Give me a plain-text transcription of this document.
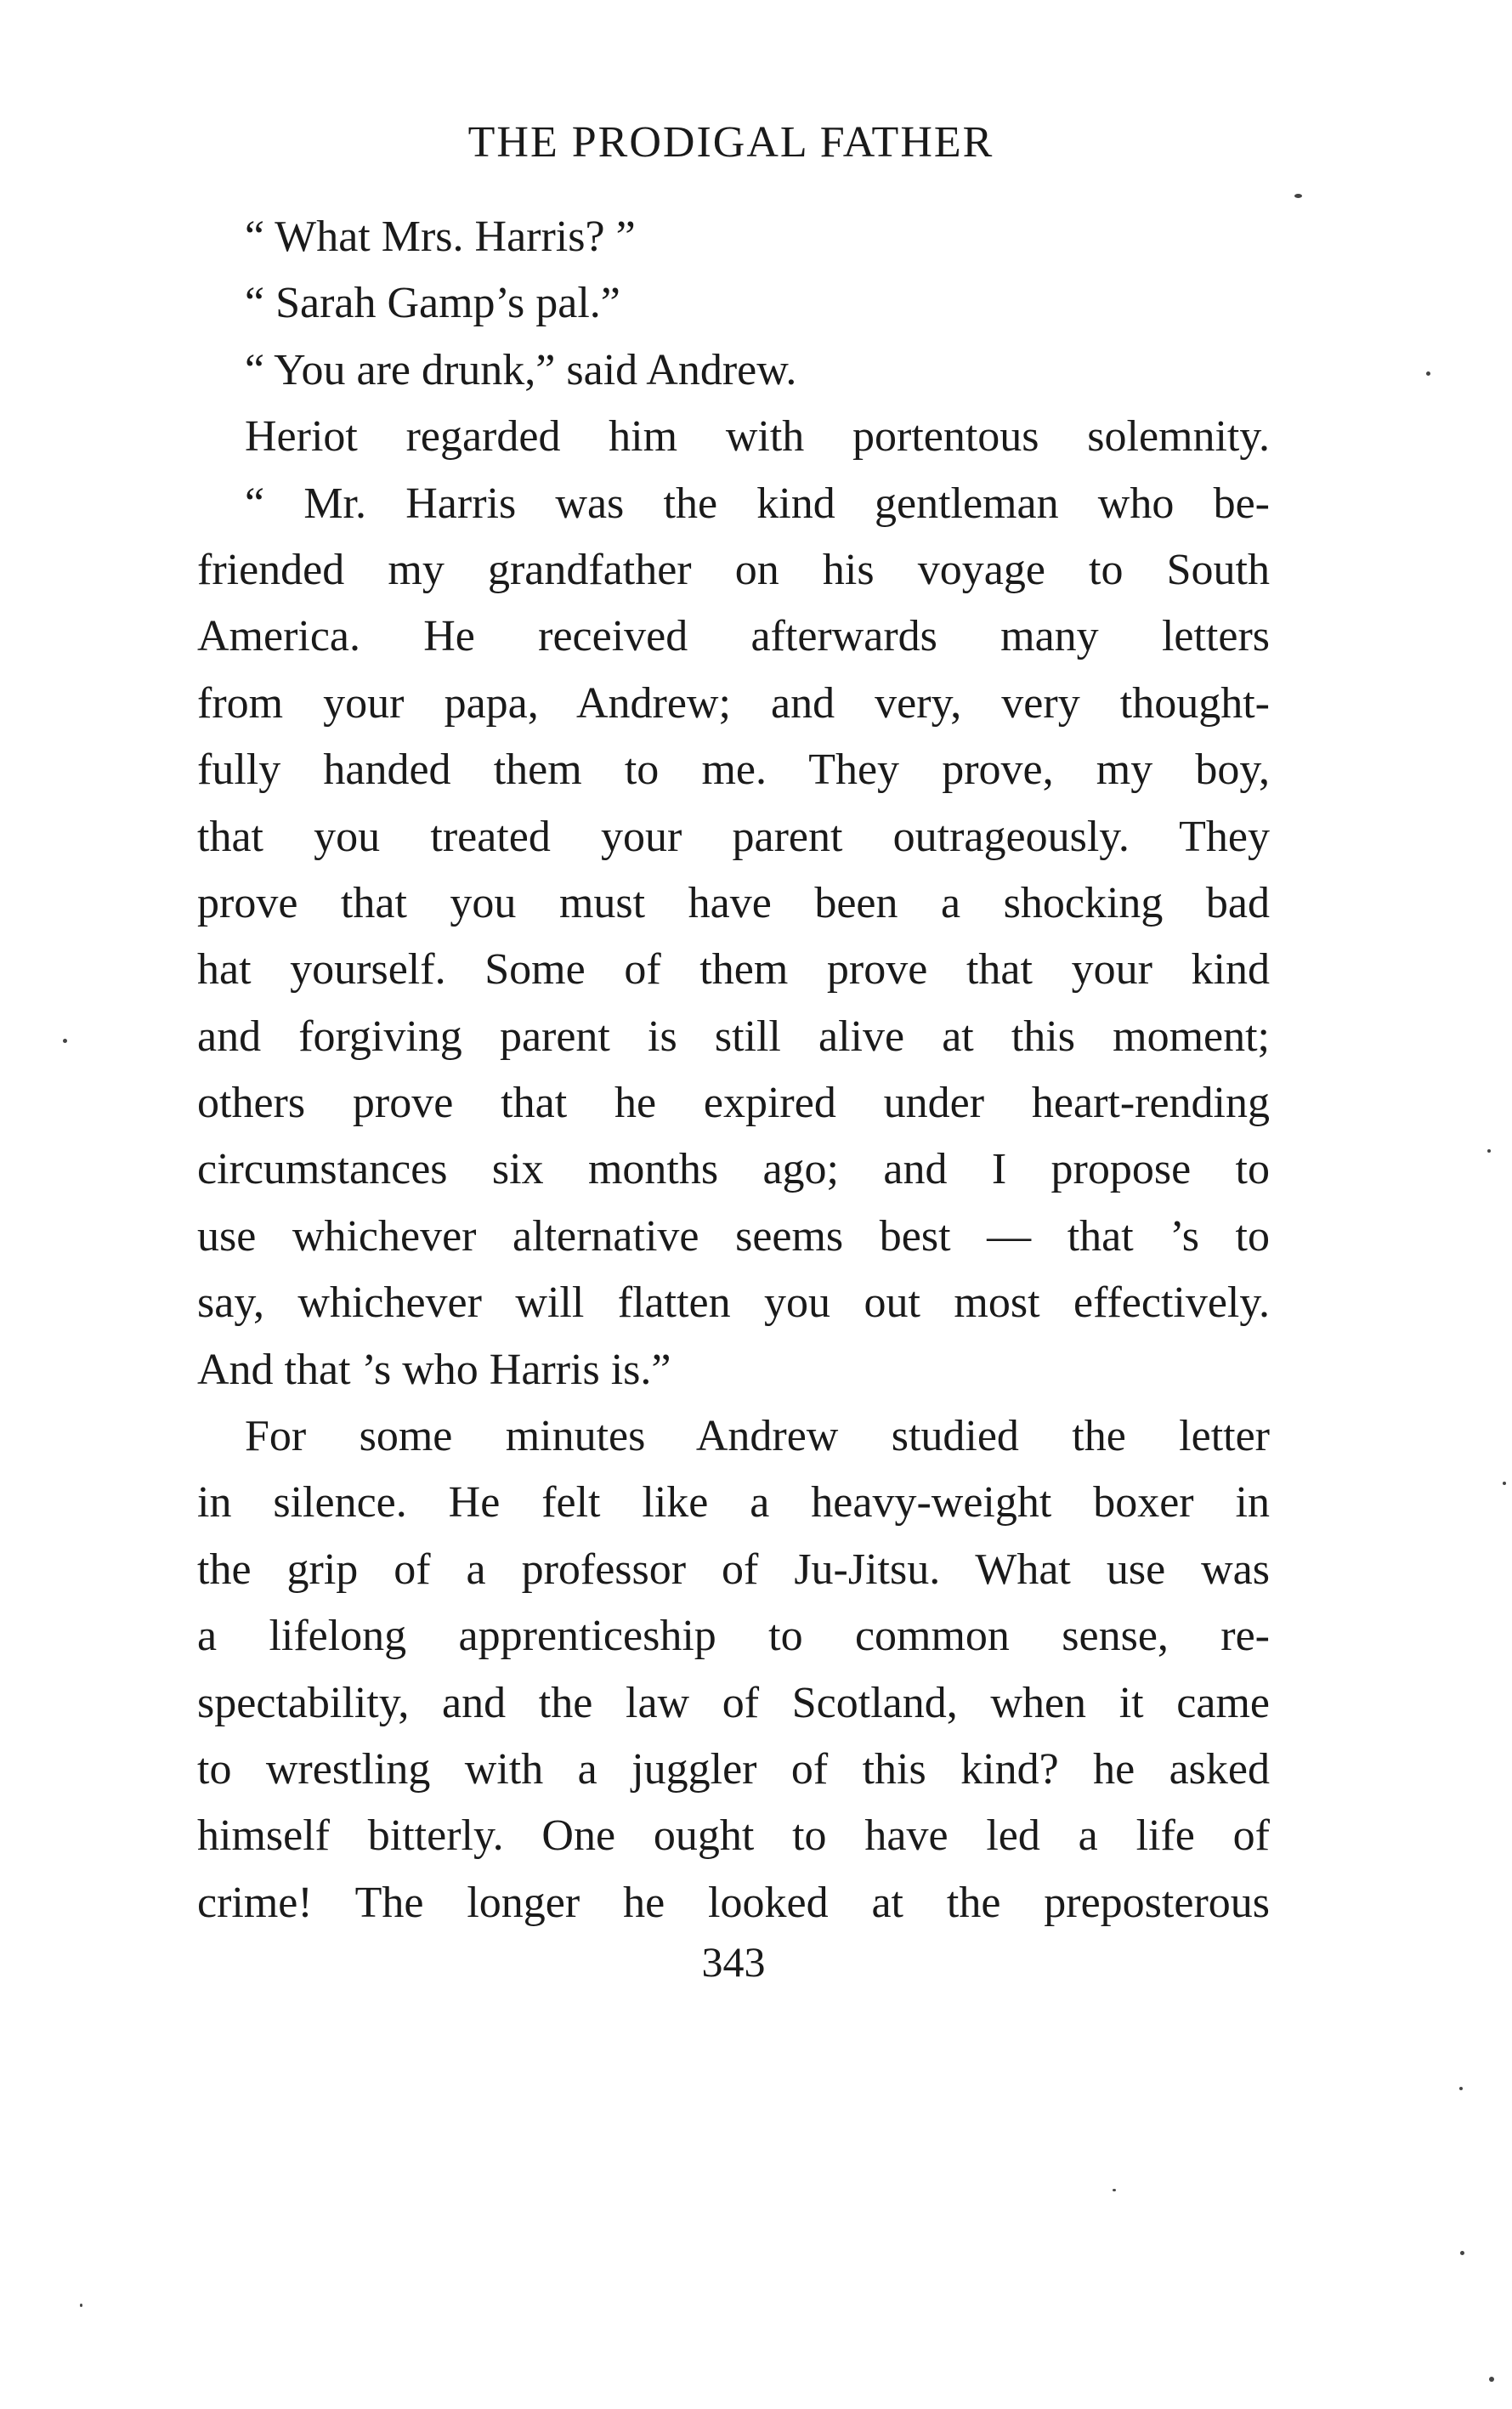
THE PRODIGAL FATHER
“ What Mrs. Harris? ”
“ Sarah Gamp’s pal.”
“ You are drunk,” said Andrew.
Heriot regarded him with portentous solemnity.
“ Mr. Harris was the kind gentleman who be-
friended my grandfather on his voyage to South
America. He received afterwards many letters
from your papa, Andrew; and very, very thought-
fully handed them to me. They prove, my boy,
that you treated your parent outrageously. They
prove that you must have been a shocking bad
hat yourself. Some of them prove that your kind
and forgiving parent is still alive at this moment;
others prove that he expired under heart-rending
circumstances six months ago; and I propose to
use whichever alternative seems best — that ’s to
say, whichever will flatten you out most effectively.
And that ’s who Harris is.”
For some minutes Andrew studied the letter
in silence. He felt like a heavy-weight boxer in
the grip of a professor of Ju-Jitsu. What use was
a lifelong apprenticeship to common sense, re-
spectability, and the law of Scotland, when it came
to wrestling with a juggler of this kind? he asked
himself bitterly. One ought to have led a life of
crime! The longer he looked at the preposterous
343
